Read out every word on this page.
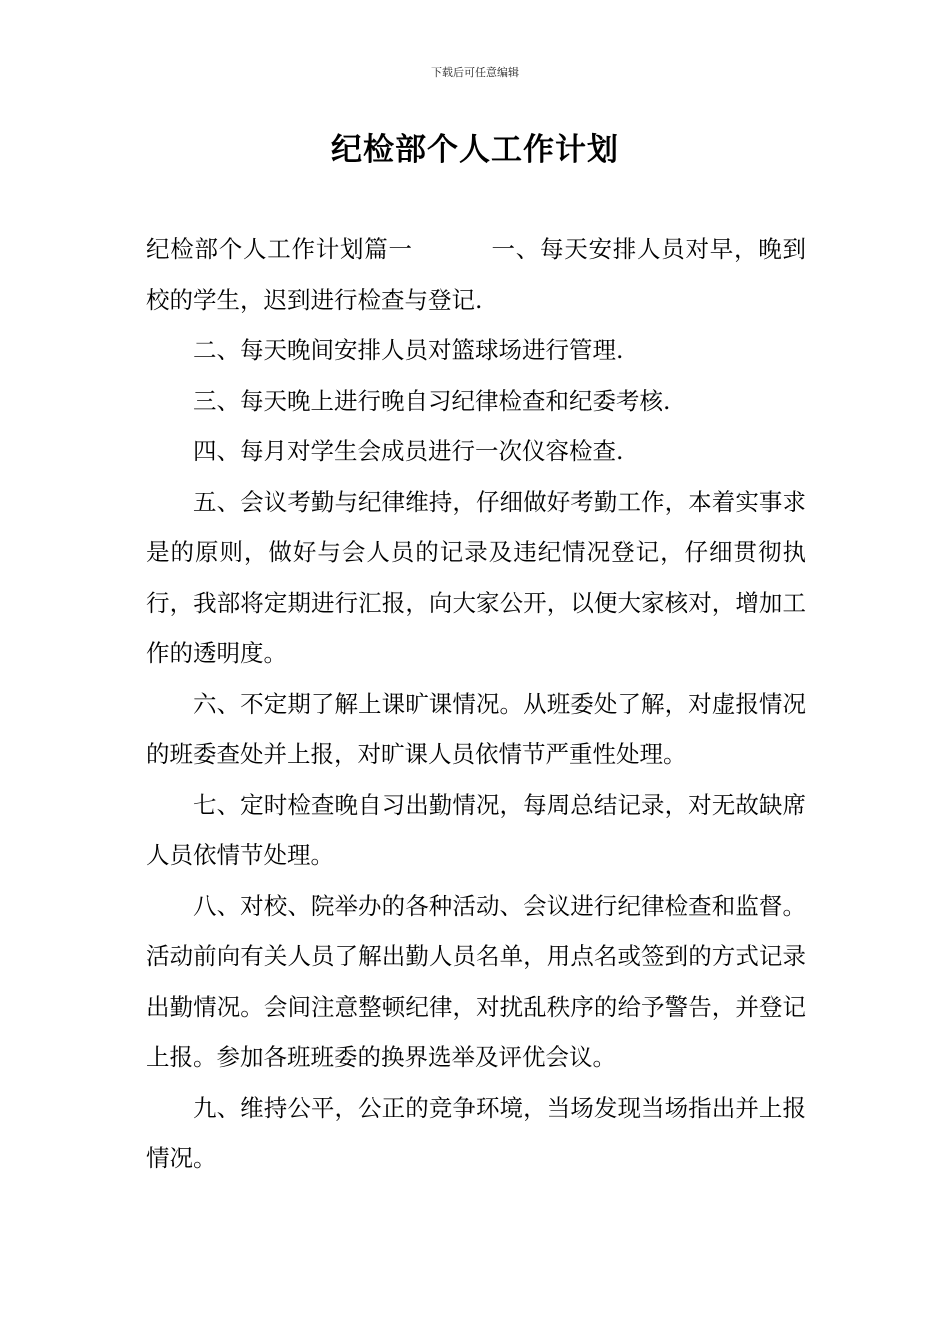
下载后可任意编辑
纪检部个人工作计划

纪检部个人工作计划篇一	一、每天安排人员对早，晚到校的学生，迟到进行检查与登记.

二、每天晚间安排人员对篮球场进行管理.

三、每天晚上进行晚自习纪律检查和纪委考核.

四、每月对学生会成员进行一次仪容检查.

五、会议考勤与纪律维持，仔细做好考勤工作，本着实事求是的原则，做好与会人员的记录及违纪情况登记，仔细贯彻执行，我部将定期进行汇报，向大家公开，以便大家核对，增加工作的透明度。

六、不定期了解上课旷课情况。从班委处了解，对虚报情况的班委查处并上报，对旷课人员依情节严重性处理。

七、定时检查晚自习出勤情况，每周总结记录，对无故缺席人员依情节处理。

八、对校、院举办的各种活动、会议进行纪律检查和监督。活动前向有关人员了解出勤人员名单，用点名或签到的方式记录出勤情况。会间注意整顿纪律，对扰乱秩序的给予警告，并登记上报。参加各班班委的换界选举及评优会议。

九、维持公平，公正的竞争环境，当场发现当场指出并上报情况。
